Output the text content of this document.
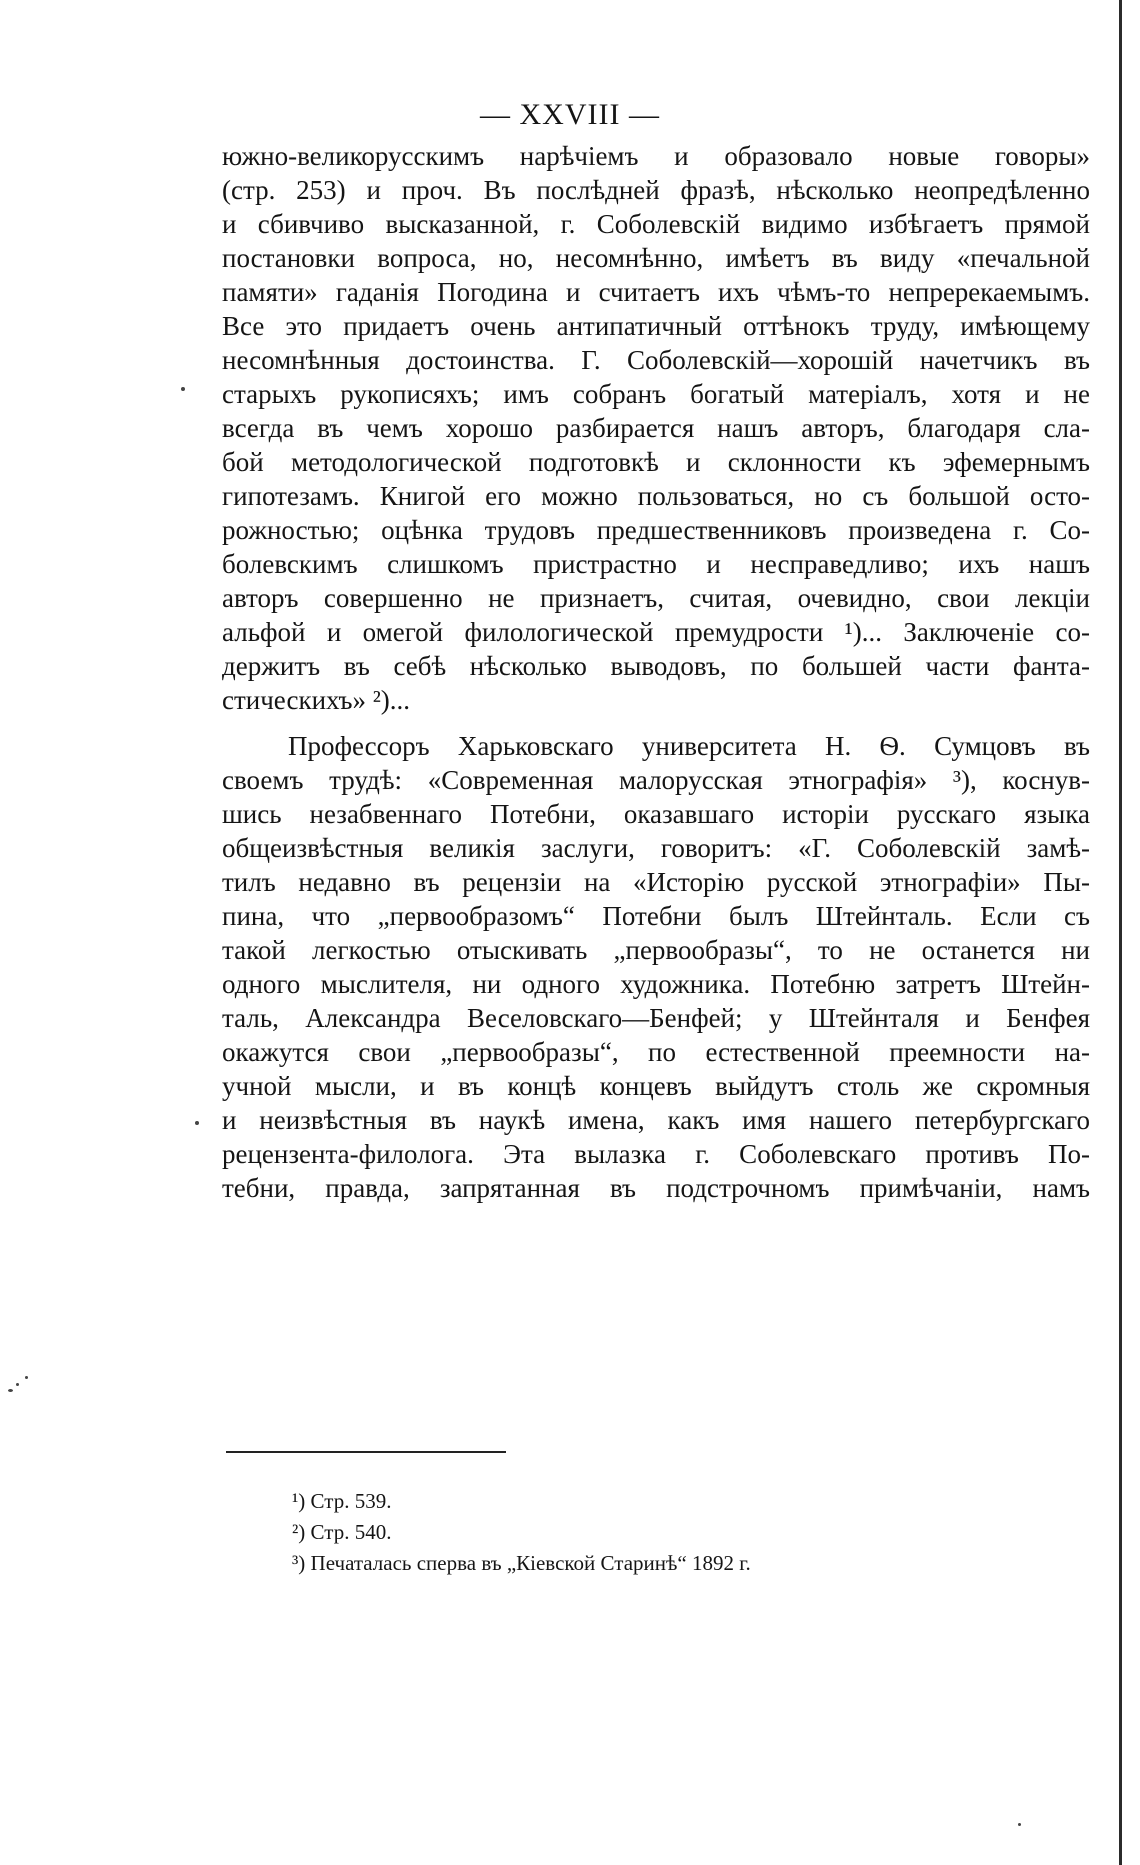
— XXVIII —
южно-великорусскимъ нарѣчіемъ и образовало новые говоры»
(стр. 253) и проч. Въ послѣдней фразѣ, нѣсколько неопредѣленно
и сбивчиво высказанной, г. Соболевскій видимо избѣгаетъ прямой
постановки вопроса, но, несомнѣнно, имѣетъ въ виду «печальной
памяти» гаданія Погодина и считаетъ ихъ чѣмъ-то непререкаемымъ.
Все это придаетъ очень антипатичный оттѣнокъ труду, имѣющему
несомнѣнныя достоинства. Г. Соболевскій—хорошій начетчикъ въ
старыхъ рукописяхъ; имъ собранъ богатый матеріалъ, хотя и не
всегда въ чемъ хорошо разбирается нашъ авторъ, благодаря сла-
бой методологической подготовкѣ и склонности къ эфемернымъ
гипотезамъ. Книгой его можно пользоваться, но съ большой осто-
рожностью; оцѣнка трудовъ предшественниковъ произведена г. Со-
болевскимъ слишкомъ пристрастно и несправедливо; ихъ нашъ
авторъ совершенно не признаетъ, считая, очевидно, свои лекціи
альфой и омегой филологической премудрости ¹)... Заключеніе со-
держитъ въ себѣ нѣсколько выводовъ, по большей части фанта-
стическихъ» ²)...
Профессоръ Харьковскаго университета Н. Ѳ. Сумцовъ въ
своемъ трудѣ: «Современная малорусская этнографія» ³), коснув-
шись незабвеннаго Потебни, оказавшаго исторіи русскаго языка
общеизвѣстныя великія заслуги, говоритъ: «Г. Соболевскій замѣ-
тилъ недавно въ рецензіи на «Исторію русской этнографіи» Пы-
пина, что „первообразомъ“ Потебни былъ Штейнталь. Если съ
такой легкостью отыскивать „первообразы“, то не останется ни
одного мыслителя, ни одного художника. Потебню затретъ Штейн-
таль, Александра Веселовскаго—Бенфей; у Штейнталя и Бенфея
окажутся свои „первообразы“, по естественной преемности на-
учной мысли, и въ концѣ концевъ выйдутъ столь же скромныя
и неизвѣстныя въ наукѣ имена, какъ имя нашего петербургскаго
рецензента-филолога. Эта вылазка г. Соболевскаго противъ По-
тебни, правда, запрятанная въ подстрочномъ примѣчаніи, намъ
¹) Стр. 539.
²) Стр. 540.
³) Печаталась сперва въ „Кіевской Старинѣ“ 1892 г.
